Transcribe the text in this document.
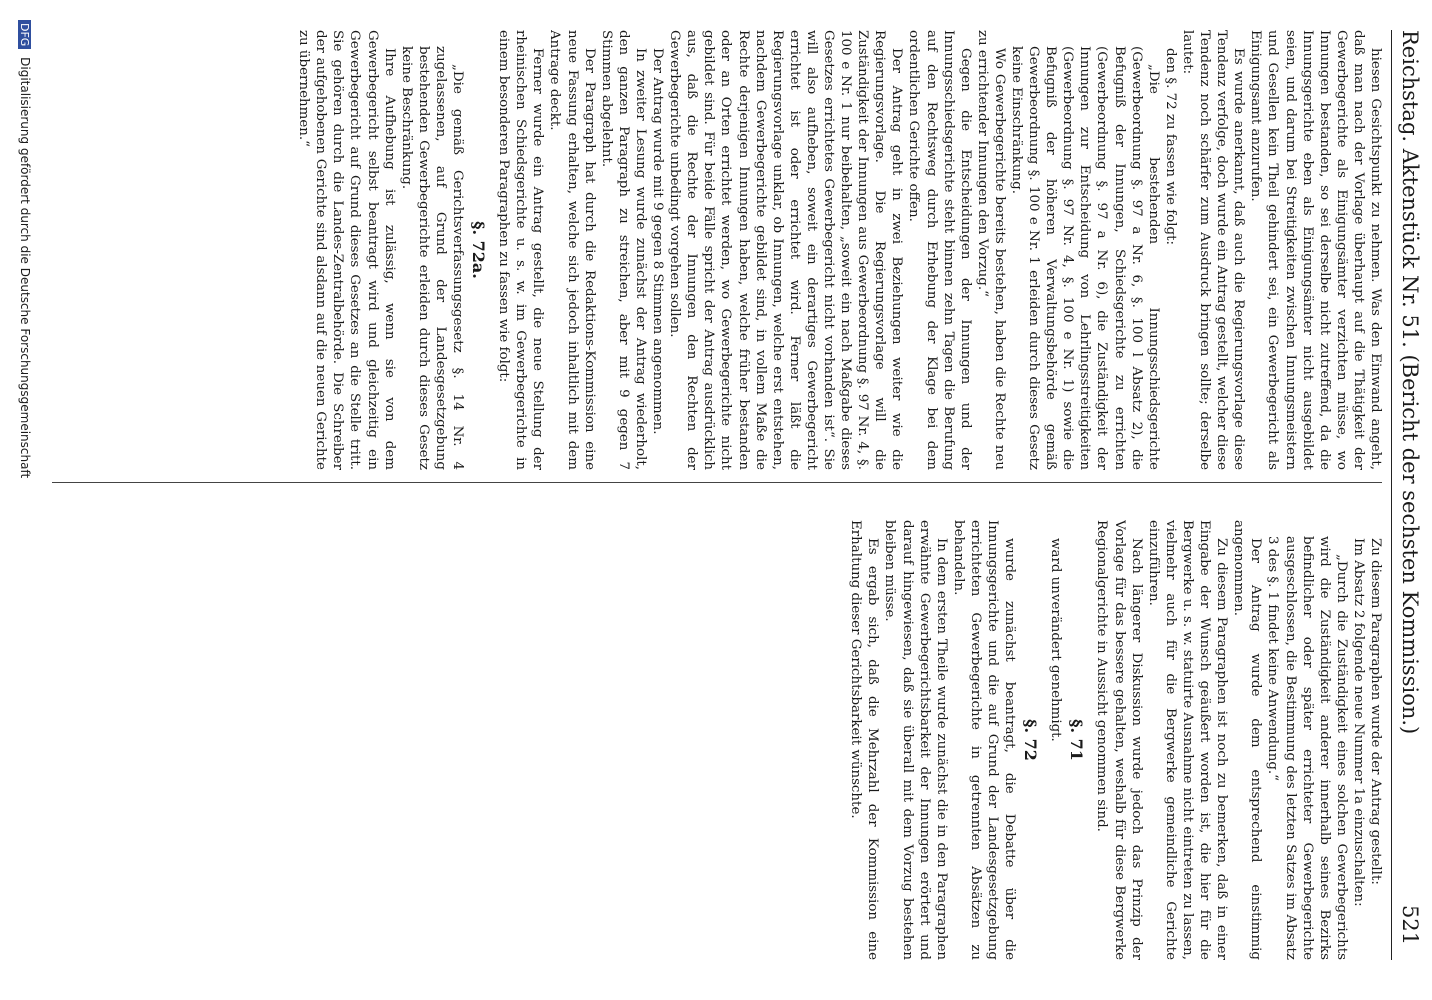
Reichstag. Aktenstück Nr. 51. (Bericht der sechsten Kommission.)
521

hiesen Gesichtspunkt zu nehmen. Was den Einwand angeht, daß man nach der Vorlage überhaupt auf die Thätigkeit der Gewerbegerichte als Einigungsämter verzichten müsse, wo Innungen bestanden, so sei derselbe nicht zutreffend, da die Innungsgerichte eben als Einigungsämter nicht ausgebildet seien, und darum bei Streitigkeiten zwischen Innungsmeistern und Gesellen kein Theil gehindert sei, ein Gewerbegericht als Einigungsamt anzurufen.

Es wurde anerkannt, daß auch die Regierungsvorlage diese Tendenz verfolge, doch wurde ein Antrag gestellt, welcher diese Tendenz noch schärfer zum Ausdruck bringen sollte; derselbe lautet:

den §. 72 zu fassen wie folgt:

„Die bestehenden Innungsschiedsgerichte (Gewerbeordnung §. 97 a Nr. 6, §. 100 l Absatz 2), die Befugniß der Innungen, Schiedsgerichte zu errichten (Gewerbeordnung §. 97 a Nr. 6), die Zuständigkeit der Innungen zur Entscheidung von Lehrlingsstreitigkeiten (Gewerbeordnung §. 97 Nr. 4, §. 100 e Nr. 1) sowie die Befugniß der höheren Verwaltungsbehörde gemäß Gewerbeordnung §. 100 e Nr. 1 erleiden durch dieses Gesetz keine Einschränkung.

Wo Gewerbegerichte bereits bestehen, haben die Rechte neu zu errichtender Innungen den Vorzug.“

Gegen die Entscheidungen der Innungen und der Innungsschiedsgerichte steht binnen zehn Tagen die Berufung auf den Rechtsweg durch Erhebung der Klage bei dem ordentlichen Gerichte offen.

Der Antrag geht in zwei Beziehungen weiter wie die Regierungsvorlage. Die Regierungsvorlage will die Zuständigkeit der Innungen aus Gewerbeordnung §. 97 Nr. 4, §. 100 e Nr. 1 nur beibehalten, „soweit ein nach Maßgabe dieses Gesetzes errichtetes Gewerbegericht nicht vorhanden ist“. Sie will also aufheben, soweit ein derartiges Gewerbegericht errichtet ist oder errichtet wird. Ferner läßt die Regierungsvorlage unklar, ob Innungen, welche erst entstehen, nachdem Gewerbegerichte gebildet sind, in vollem Maße die Rechte derjenigen Innungen haben, welche früher bestanden oder an Orten errichtet werden, wo Gewerbegerichte nicht gebildet sind. Für beide Fälle spricht der Antrag ausdrücklich aus, daß die Rechte der Innungen den Rechten der Gewerbegerichte unbedingt vorgehen sollen.

Der Antrag wurde mit 9 gegen 8 Stimmen angenommen.

In zweiter Lesung wurde zunächst der Antrag wiederholt, den ganzen Paragraph zu streichen, aber mit 9 gegen 7 Stimmen abgelehnt.

Der Paragraph hat durch die Redaktions-Kommission eine neue Fassung erhalten, welche sich jedoch inhaltlich mit dem Antrage deckt.

Ferner wurde ein Antrag gestellt, die neue Stellung der rheinischen Schiedsgerichte u. s. w. im Gewerbegerichte in einem besonderen Paragraphen zu fassen wie folgt:

§. 72a.

„Die gemäß Gerichtsverfassungsgesetz §. 14 Nr. 4 zugelassenen, auf Grund der Landesgesetzgebung bestehenden Gewerbegerichte erleiden durch dieses Gesetz keine Beschränkung.

Ihre Aufhebung ist zulässig, wenn sie von dem Gewerbegericht selbst beantragt wird und gleichzeitig ein Gewerbegericht auf Grund dieses Gesetzes an die Stelle tritt. Sie gehören durch die Landes-Zentralbehörde. Die Schreiber der aufgehobenen Gerichte sind alsdann auf die neuen Gerichte zu übernehmen.“

Zu diesem Paragraphen wurde der Antrag gestellt:

Im Absatz 2 folgende neue Nummer 1a einzuschalten:

„Durch die Zuständigkeit eines solchen Gewerbegerichts wird die Zuständigkeit anderer innerhalb seines Bezirks befindlicher oder später errichteter Gewerbegerichte ausgeschlossen, die Bestimmung des letzten Satzes im Absatz 3 des §. 1 findet keine Anwendung.“

Der Antrag wurde dem entsprechend einstimmig angenommen.

Zu diesem Paragraphen ist noch zu bemerken, daß in einer Eingabe der Wunsch geäußert worden ist, die hier für die Bergwerke u. s. w. statuirte Ausnahme nicht eintreten zu lassen, vielmehr auch für die Bergwerke gemeindliche Gerichte einzuführen.

Nach längerer Diskussion wurde jedoch das Prinzip der Vorlage für das bessere gehalten, weshalb für diese Bergwerke Regionalgerichte in Aussicht genommen sind.

§. 71

ward unverändert genehmigt.

§. 72

wurde zunächst beantragt, die Debatte über die Innungsgerichte und die auf Grund der Landesgesetzgebung errichteten Gewerbegerichte in getrennten Absätzen zu behandeln.

In dem ersten Theile wurde zunächst die in den Paragraphen erwähnte Gewerbegerichtsbarkeit der Innungen erörtert und darauf hingewiesen, daß sie überall mit dem Vorzug bestehen bleiben müsse.

Es ergab sich, daß die Mehrzahl der Kommission eine Erhaltung dieser Gerichtsbarkeit wünschte.

DFG Digitalisierung gefördert durch die Deutsche Forschungsgemeinschaft
